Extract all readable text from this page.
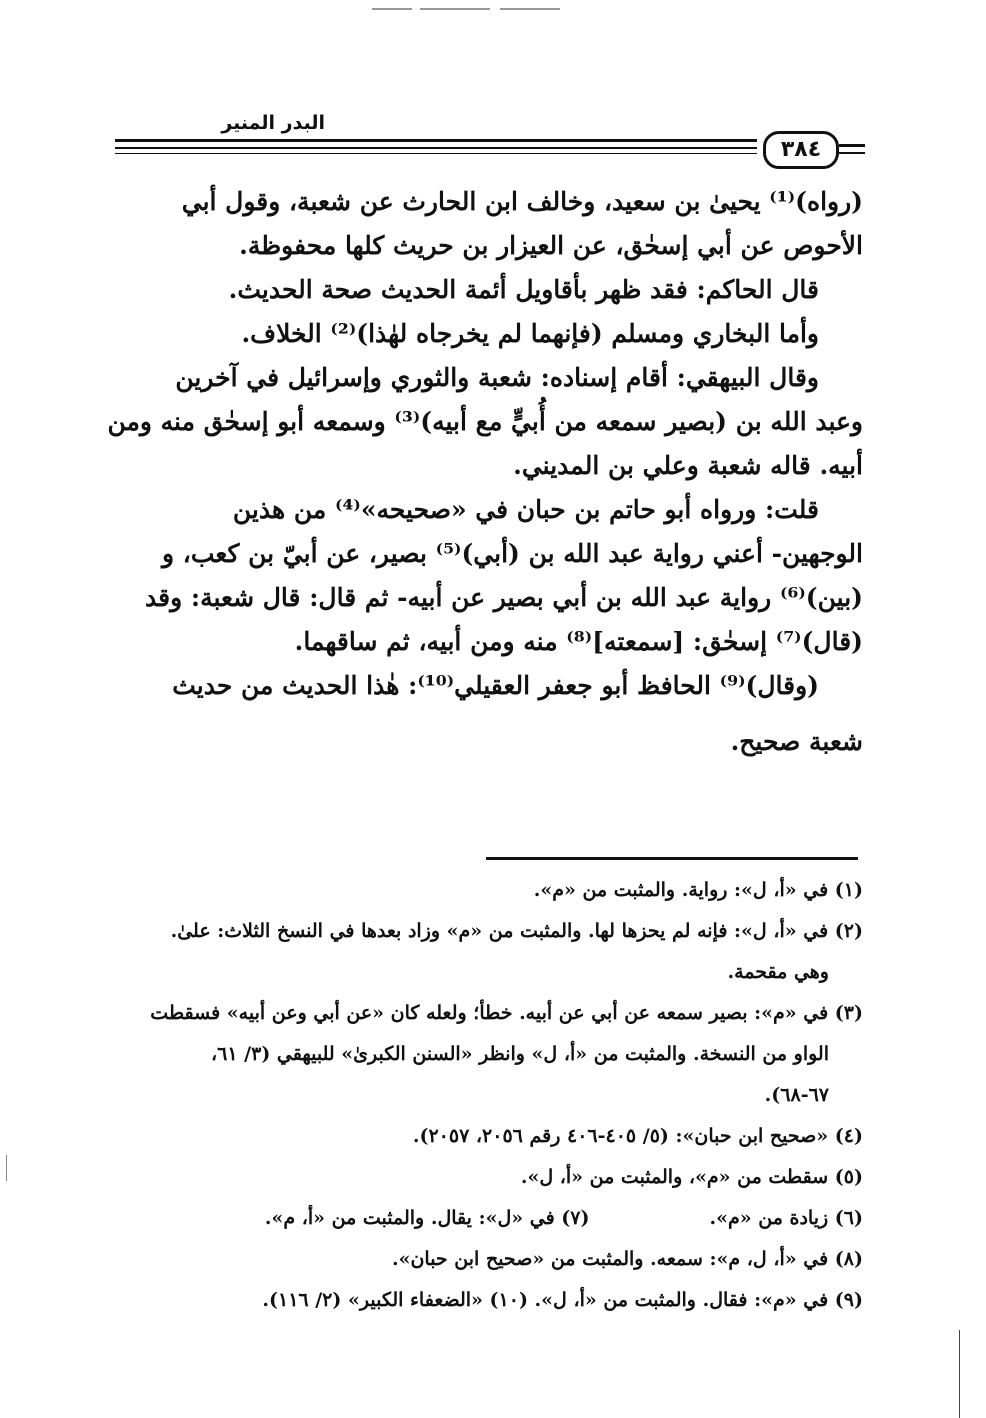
البدر المنير
٣٨٤

(رواه)⁽¹⁾ يحيىٰ بن سعيد، وخالف ابن الحارث عن شعبة، وقول أبي

الأحوص عن أبي إسحٰق، عن العيزار بن حريث كلها محفوظة.

قال الحاكم: فقد ظهر بأقاويل أئمة الحديث صحة الحديث.

وأما البخاري ومسلم (فإنهما لم يخرجاه لهٰذا)⁽²⁾ الخلاف.

وقال البيهقي: أقام إسناده: شعبة والثوري وإسرائيل في آخرين

وعبد الله بن (بصير سمعه من أُبيٍّ مع أبيه)⁽³⁾ وسمعه أبو إسحٰق منه ومن

أبيه. قاله شعبة وعلي بن المديني.

قلت: ورواه أبو حاتم بن حبان في «صحيحه»⁽⁴⁾ من هذين

الوجهين- أعني رواية عبد الله بن (أبي)⁽⁵⁾ بصير، عن أبيّ بن كعب، و

(بين)⁽⁶⁾ رواية عبد الله بن أبي بصير عن أبيه- ثم قال: قال شعبة: وقد

(قال)⁽⁷⁾ إسحٰق: [سمعته]⁽⁸⁾ منه ومن أبيه، ثم ساقهما.

(وقال)⁽⁹⁾ الحافظ أبو جعفر العقيلي⁽¹⁰⁾: هٰذا الحديث من حديث

شعبة صحيح.

(١) في «أ، ل»: رواية. والمثبت من «م».

(٢) في «أ، ل»: فإنه لم يحزها لها. والمثبت من «م» وزاد بعدها في النسخ الثلاث: علىٰ.

وهي مقحمة.

(٣) في «م»: بصير سمعه عن أبي عن أبيه. خطأ؛ ولعله كان «عن أبي وعن أبيه» فسقطت

الواو من النسخة. والمثبت من «أ، ل» وانظر «السنن الكبرىٰ» للبيهقي (٣/ ٦١،

٦٧-٦٨).

(٤) «صحيح ابن حبان»: (٥/ ٤٠٥-٤٠٦ رقم ٢٠٥٦، ٢٠٥٧).

(٥) سقطت من «م»، والمثبت من «أ، ل».

(٦) زيادة من «م».
(٧) في «ل»: يقال. والمثبت من «أ، م».

(٨) في «أ، ل، م»: سمعه. والمثبت من «صحيح ابن حبان».

(٩) في «م»: فقال. والمثبت من «أ، ل». (١٠) «الضعفاء الكبير» (٢/ ١١٦).
